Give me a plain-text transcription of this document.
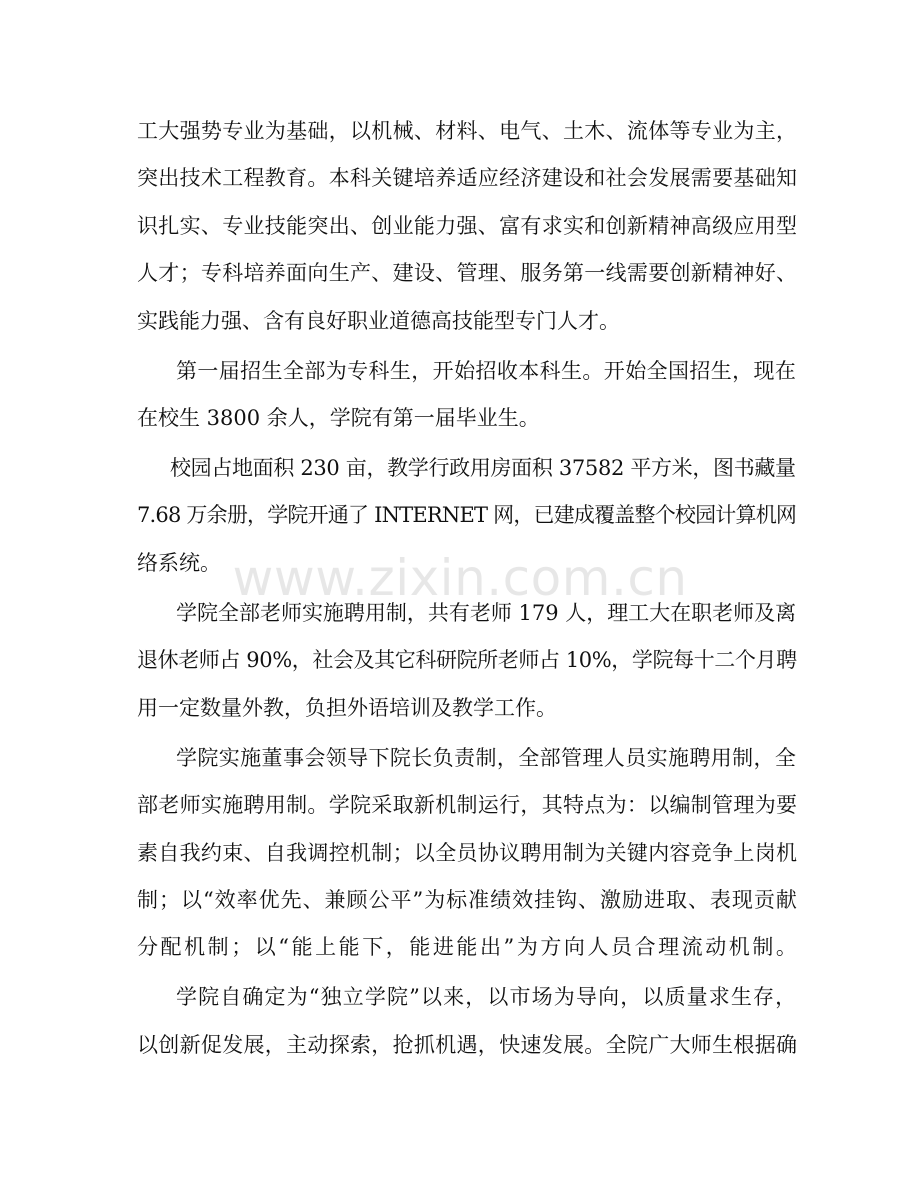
工大强势专业为基础，以机械、材料、电气、土木、流体等专业为主，

突出技术工程教育。本科关键培养适应经济建设和社会发展需要基础知

识扎实、专业技能突出、创业能力强、富有求实和创新精神高级应用型

人才；专科培养面向生产、建设、管理、服务第一线需要创新精神好、

实践能力强、含有良好职业道德高技能型专门人才。

第一届招生全部为专科生，开始招收本科生。开始全国招生，现在

在校生 3800 余人，学院有第一届毕业生。

校园占地面积 230 亩，教学行政用房面积 37582 平方米，图书藏量

7.68 万余册，学院开通了 INTERNET 网，已建成覆盖整个校园计算机网

络系统。

学院全部老师实施聘用制，共有老师 179 人，理工大在职老师及离

退休老师占 90%，社会及其它科研院所老师占 10%，学院每十二个月聘

用一定数量外教，负担外语培训及教学工作。

学院实施董事会领导下院长负责制，全部管理人员实施聘用制，全

部老师实施聘用制。学院采取新机制运行，其特点为：以编制管理为要

素自我约束、自我调控机制；以全员协议聘用制为关键内容竞争上岗机

制；以“效率优先、兼顾公平”为标准绩效挂钩、激励进取、表现贡献

分配机制；以“能上能下，能进能出”为方向人员合理流动机制。

学院自确定为“独立学院”以来，以市场为导向，以质量求生存，

以创新促发展，主动探索，抢抓机遇，快速发展。全院广大师生根据确

www.zixin.com.cn
